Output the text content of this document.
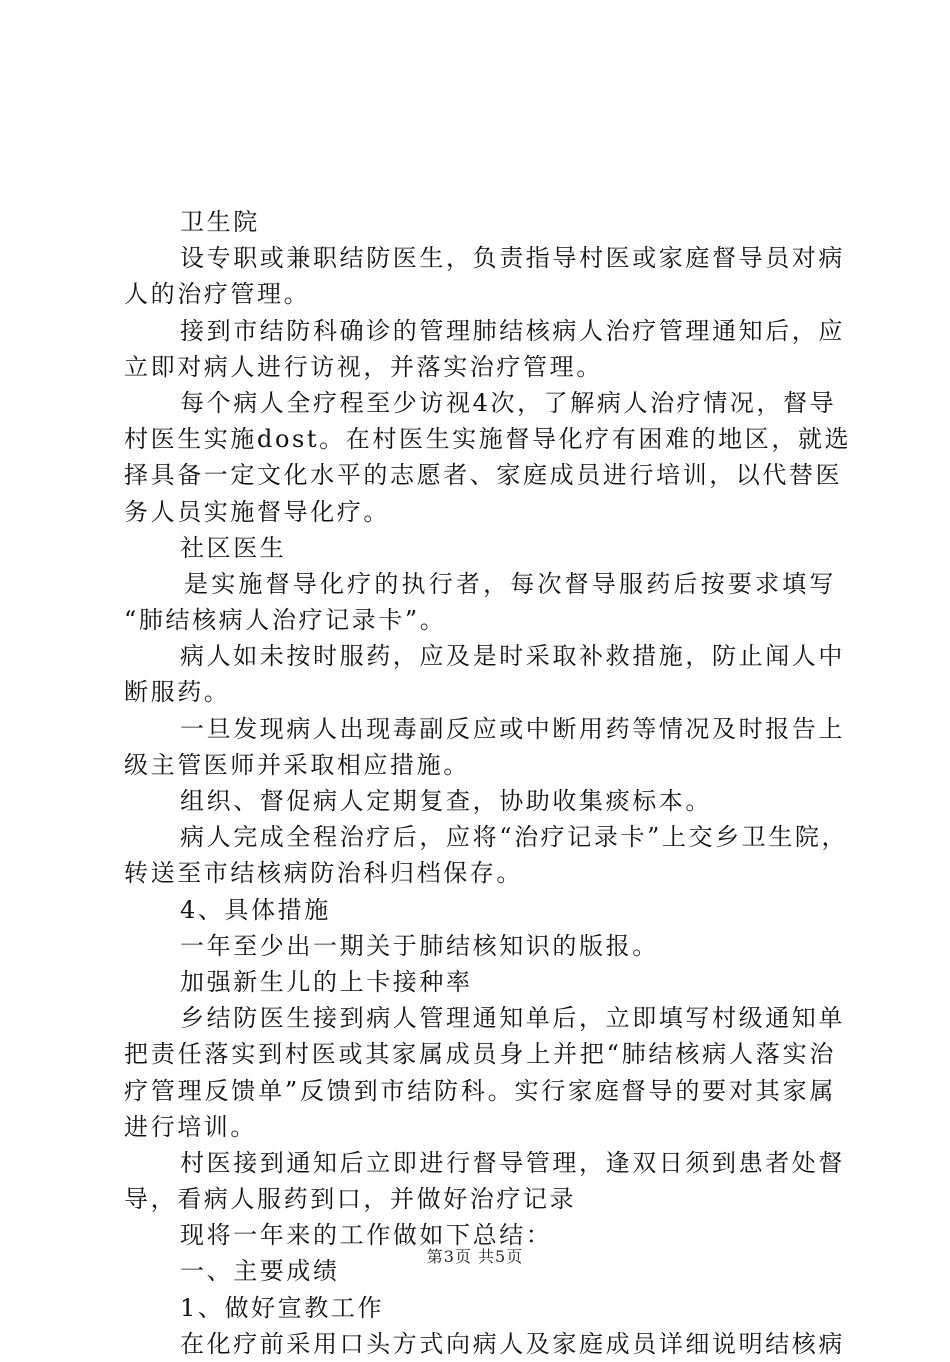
卫生院
设专职或兼职结防医生，负责指导村医或家庭督导员对病
人的治疗管理。
接到市结防科确诊的管理肺结核病人治疗管理通知后，应
立即对病人进行访视，并落实治疗管理。
每个病人全疗程至少访视4次，了解病人治疗情况，督导
村医生实施dost。在村医生实施督导化疗有困难的地区，就选
择具备一定文化水平的志愿者、家庭成员进行培训，以代替医
务人员实施督导化疗。
社区医生
是实施督导化疗的执行者，每次督导服药后按要求填写
“肺结核病人治疗记录卡”。
病人如未按时服药，应及是时采取补救措施，防止闻人中
断服药。
一旦发现病人出现毒副反应或中断用药等情况及时报告上
级主管医师并采取相应措施。
组织、督促病人定期复查，协助收集痰标本。
病人完成全程治疗后，应将“治疗记录卡”上交乡卫生院，
转送至市结核病防治科归档保存。
4、具体措施
一年至少出一期关于肺结核知识的版报。
加强新生儿的上卡接种率
乡结防医生接到病人管理通知单后，立即填写村级通知单
把责任落实到村医或其家属成员身上并把“肺结核病人落实治
疗管理反馈单”反馈到市结防科。实行家庭督导的要对其家属
进行培训。
村医接到通知后立即进行督导管理，逢双日须到患者处督
导，看病人服药到口，并做好治疗记录
现将一年来的工作做如下总结：
一、主要成绩
1、做好宣教工作
在化疗前采用口头方式向病人及家庭成员详细说明结核病
第3页 共5页
